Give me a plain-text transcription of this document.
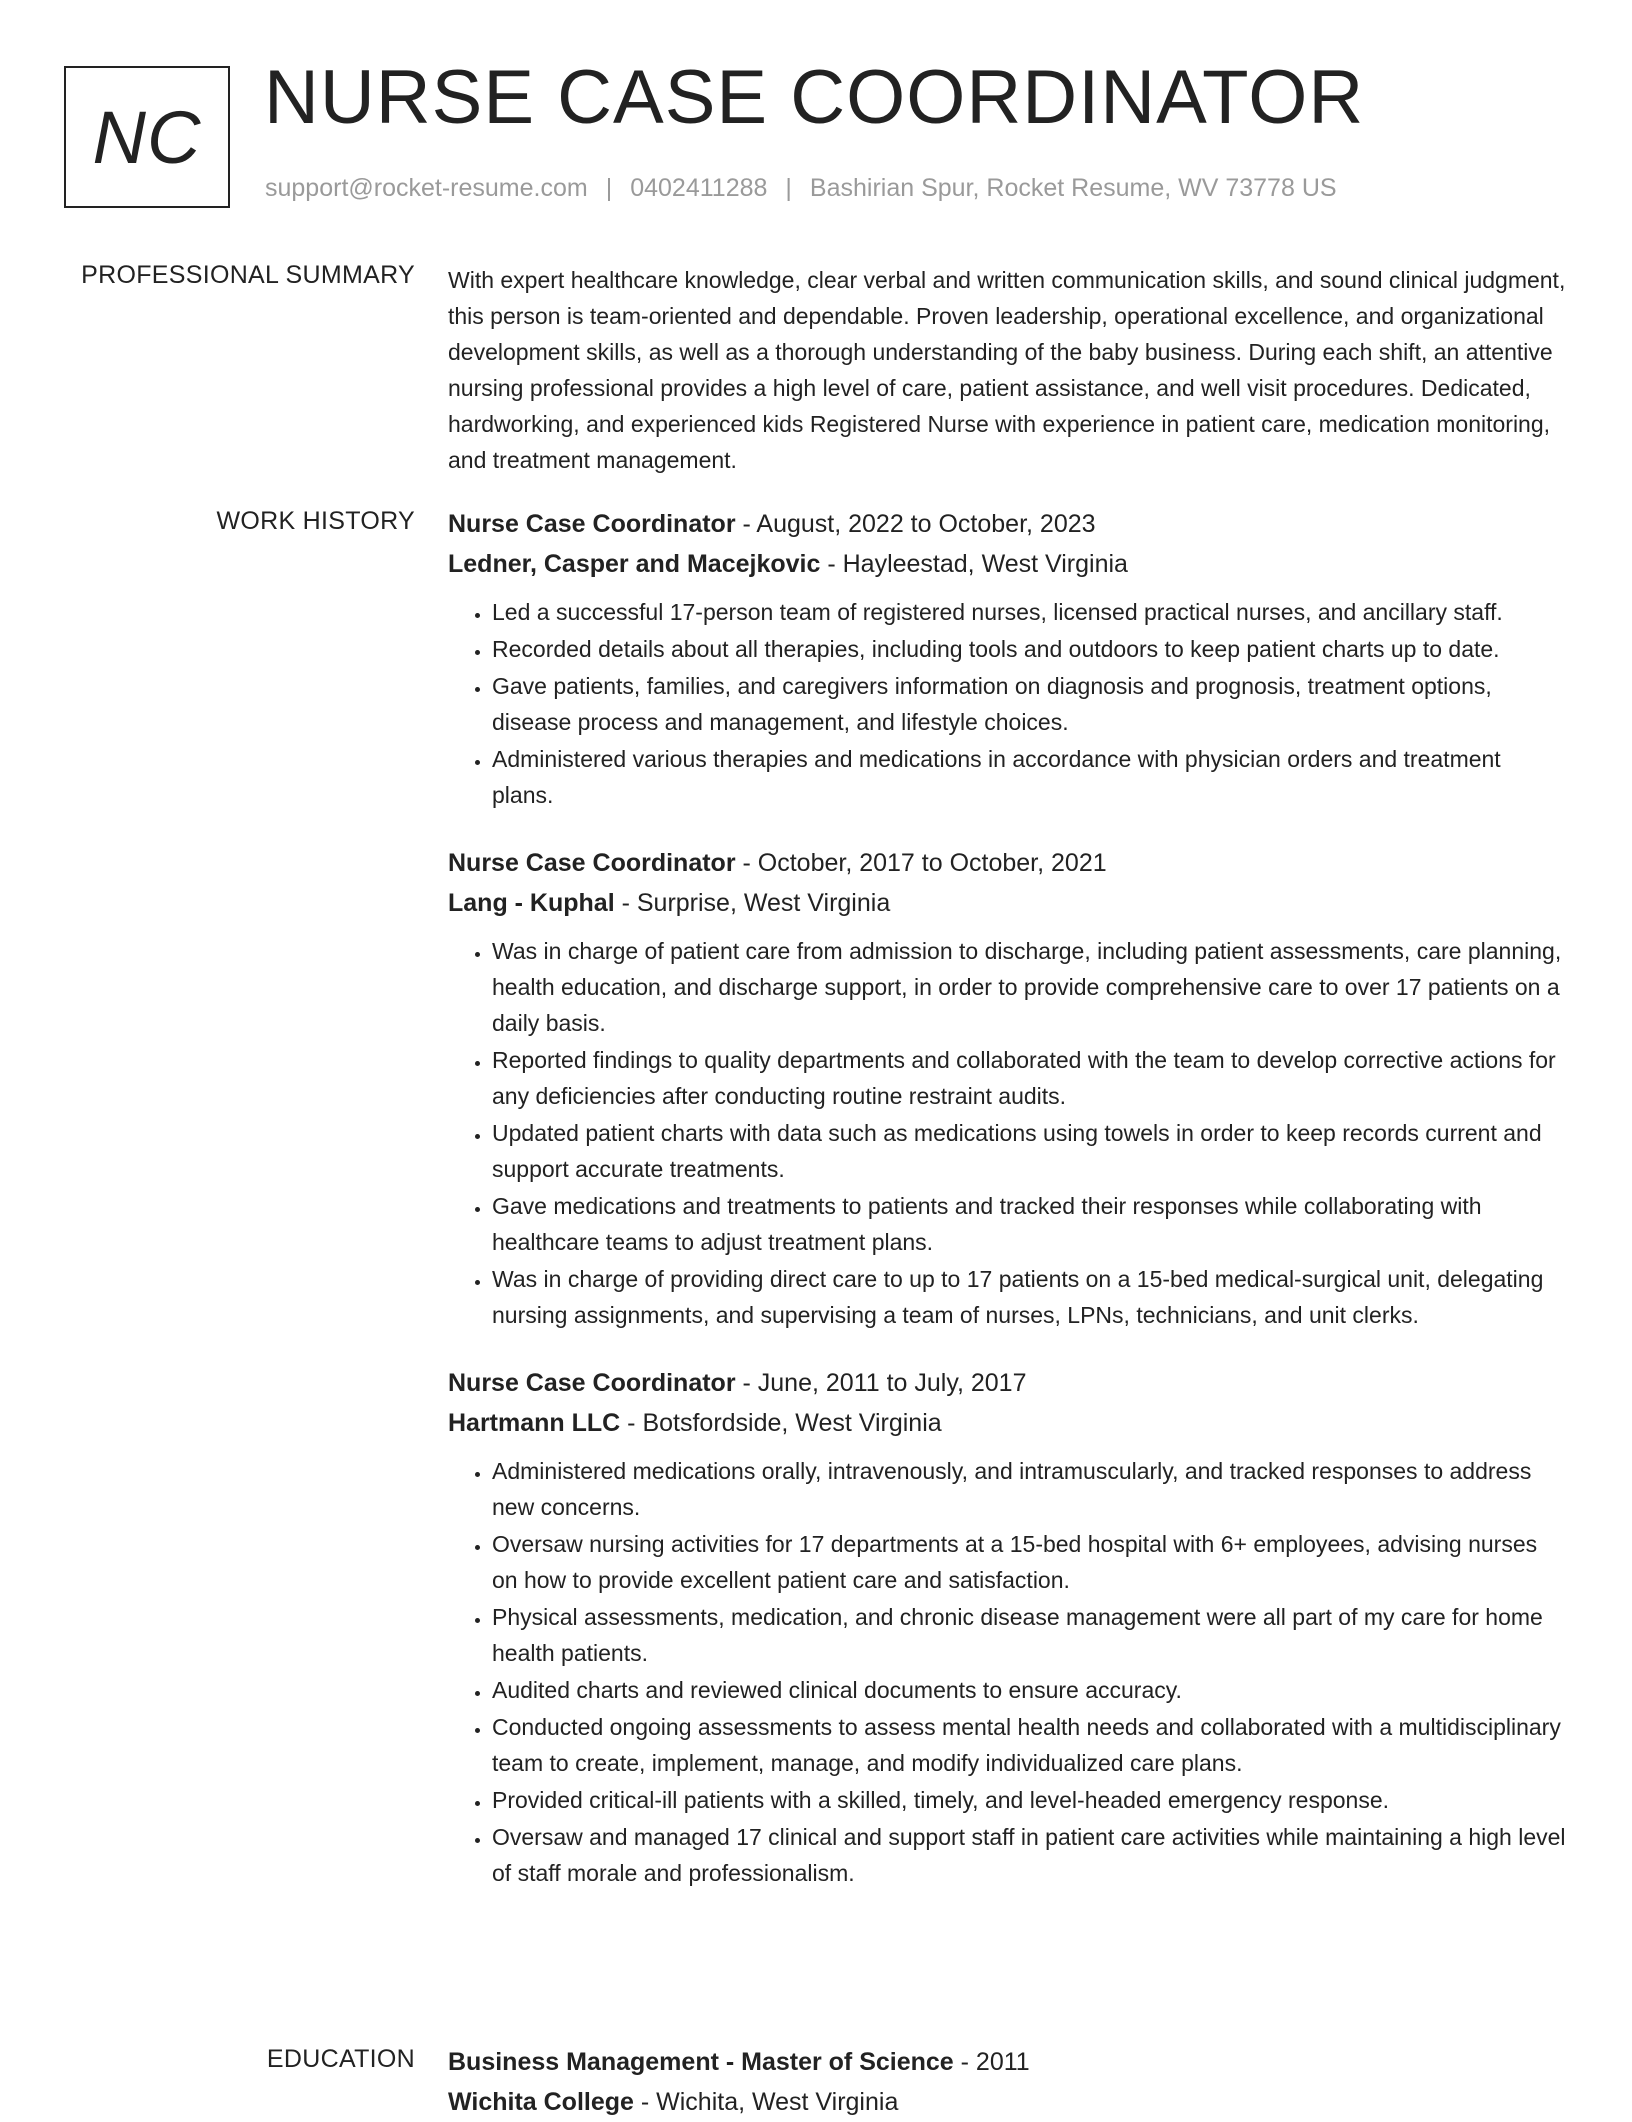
NC NURSE CASE COORDINATOR
support@rocket-resume.com | 0402411288 | Bashirian Spur, Rocket Resume, WV 73778 US
PROFESSIONAL SUMMARY With expert healthcare knowledge, clear verbal and written communication skills, and sound clinical judgment, this person is team-oriented and dependable. Proven leadership, operational excellence, and organizational development skills, as well as a thorough understanding of the baby business. During each shift, an attentive nursing professional provides a high level of care, patient assistance, and well visit procedures. Dedicated, hardworking, and experienced kids Registered Nurse with experience in patient care, medication monitoring, and treatment management.

WORK HISTORY Nurse Case Coordinator - August, 2022 to October, 2023
Ledner, Casper and Macejkovic - Hayleestad, West Virginia
• Led a successful 17-person team of registered nurses, licensed practical nurses, and ancillary staff.
• Recorded details about all therapies, including tools and outdoors to keep patient charts up to date.
• Gave patients, families, and caregivers information on diagnosis and prognosis, treatment options, disease process and management, and lifestyle choices.
• Administered various therapies and medications in accordance with physician orders and treatment plans.
Nurse Case Coordinator - October, 2017 to October, 2021
Lang - Kuphal - Surprise, West Virginia
• Was in charge of patient care from admission to discharge, including patient assessments, care planning, health education, and discharge support, in order to provide comprehensive care to over 17 patients on a daily basis.
• Reported findings to quality departments and collaborated with the team to develop corrective actions for any deficiencies after conducting routine restraint audits.
• Updated patient charts with data such as medications using towels in order to keep records current and support accurate treatments.
• Gave medications and treatments to patients and tracked their responses while collaborating with healthcare teams to adjust treatment plans.
• Was in charge of providing direct care to up to 17 patients on a 15-bed medical-surgical unit, delegating nursing assignments, and supervising a team of nurses, LPNs, technicians, and unit clerks.
Nurse Case Coordinator - June, 2011 to July, 2017
Hartmann LLC - Botsfordside, West Virginia
• Administered medications orally, intravenously, and intramuscularly, and tracked responses to address new concerns.
• Oversaw nursing activities for 17 departments at a 15-bed hospital with 6+ employees, advising nurses on how to provide excellent patient care and satisfaction.
• Physical assessments, medication, and chronic disease management were all part of my care for home health patients.
• Audited charts and reviewed clinical documents to ensure accuracy.
• Conducted ongoing assessments to assess mental health needs and collaborated with a multidisciplinary team to create, implement, manage, and modify individualized care plans.
• Provided critical-ill patients with a skilled, timely, and level-headed emergency response.
• Oversaw and managed 17 clinical and support staff in patient care activities while maintaining a high level of staff morale and professionalism.
EDUCATION Business Management - Master of Science - 2011
Wichita College - Wichita, West Virginia
